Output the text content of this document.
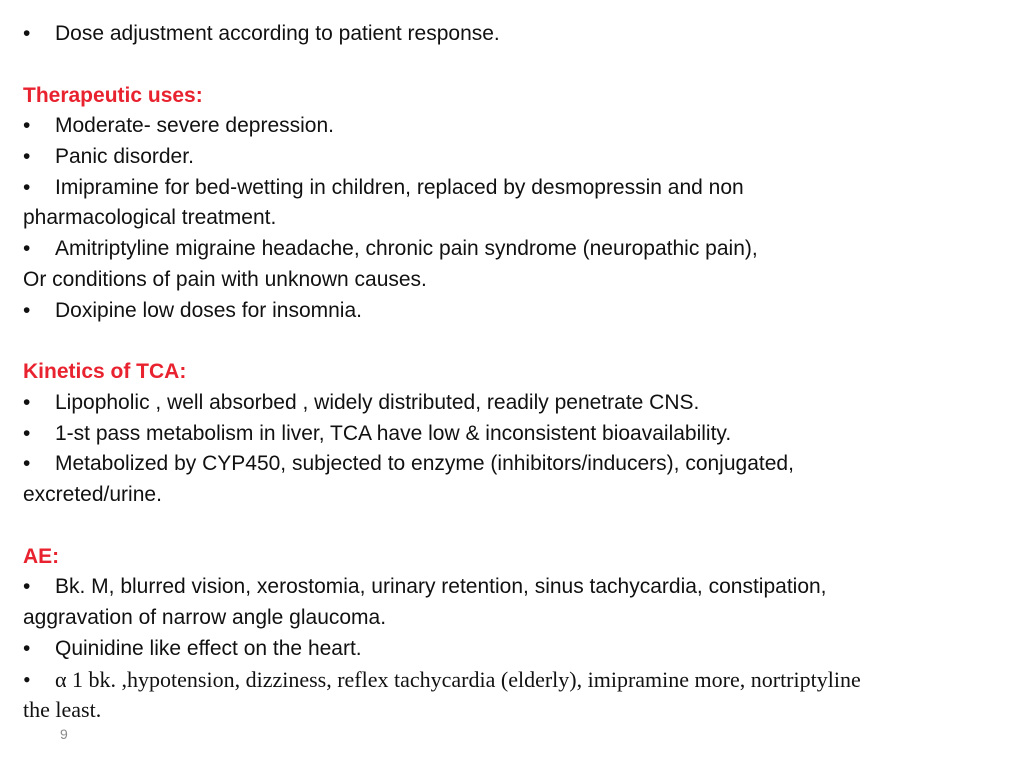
• Dose adjustment according to patient response.
Therapeutic uses:
• Moderate- severe depression.
• Panic disorder.
• Imipramine for bed-wetting in children, replaced by desmopressin and non
pharmacological treatment.
• Amitriptyline migraine headache, chronic pain syndrome (neuropathic pain),
Or conditions of pain with unknown causes.
• Doxipine low doses for insomnia.
Kinetics of TCA:
• Lipopholic , well absorbed , widely distributed, readily penetrate CNS.
• 1-st pass metabolism in liver, TCA have low & inconsistent bioavailability.
• Metabolized by CYP450, subjected to enzyme (inhibitors/inducers), conjugated,
excreted/urine.
AE:
• Bk. M, blurred vision, xerostomia, urinary retention, sinus tachycardia, constipation,
aggravation of narrow angle glaucoma.
• Quinidine like effect on the heart.
• α 1 bk. ,hypotension, dizziness, reflex tachycardia (elderly), imipramine more, nortriptyline
the least.
9
